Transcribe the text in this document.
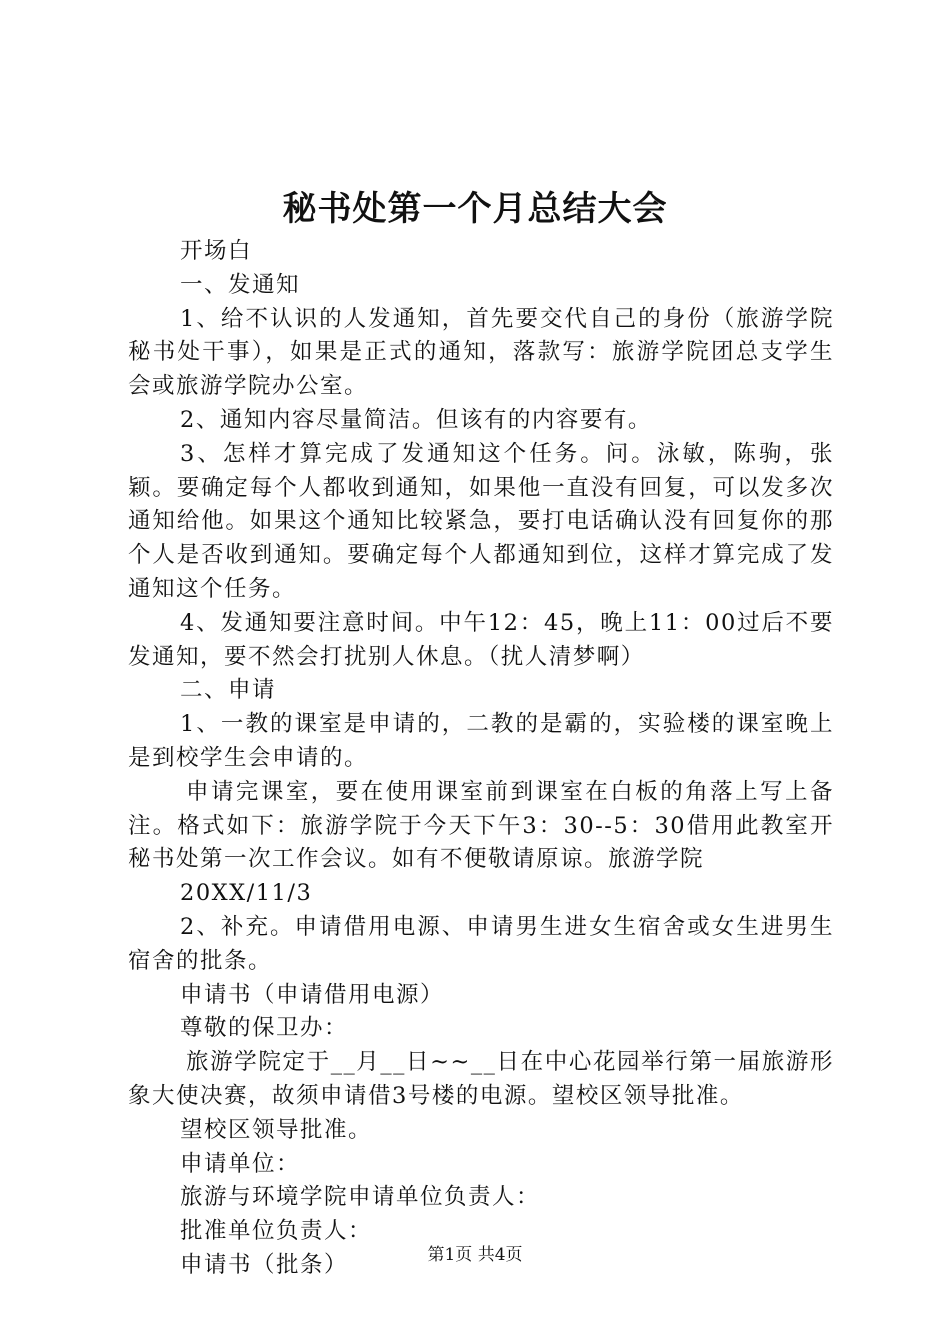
秘书处第一个月总结大会

开场白

一、发通知

1、给不认识的人发通知，首先要交代自己的身份（旅游学院秘书处干事），如果是正式的通知，落款写：旅游学院团总支学生会或旅游学院办公室。

2、通知内容尽量简洁。但该有的内容要有。

3、怎样才算完成了发通知这个任务。问。泳敏，陈驹，张颖。要确定每个人都收到通知，如果他一直没有回复，可以发多次通知给他。如果这个通知比较紧急，要打电话确认没有回复你的那个人是否收到通知。要确定每个人都通知到位，这样才算完成了发通知这个任务。

4、发通知要注意时间。中午12：45，晚上11：00过后不要发通知，要不然会打扰别人休息。（扰人清梦啊）

二、申请

1、一教的课室是申请的，二教的是霸的，实验楼的课室晚上是到校学生会申请的。

申请完课室，要在使用课室前到课室在白板的角落上写上备注。格式如下：旅游学院于今天下午3：30--5：30借用此教室开秘书处第一次工作会议。如有不便敬请原谅。旅游学院

20XX/11/3

2、补充。申请借用电源、申请男生进女生宿舍或女生进男生宿舍的批条。

申请书（申请借用电源）

尊敬的保卫办：

旅游学院定于__月__日~~__日在中心花园举行第一届旅游形象大使决赛，故须申请借3号楼的电源。望校区领导批准。

望校区领导批准。

申请单位：

旅游与环境学院申请单位负责人：

批准单位负责人：

申请书（批条）	第1页 共4页
